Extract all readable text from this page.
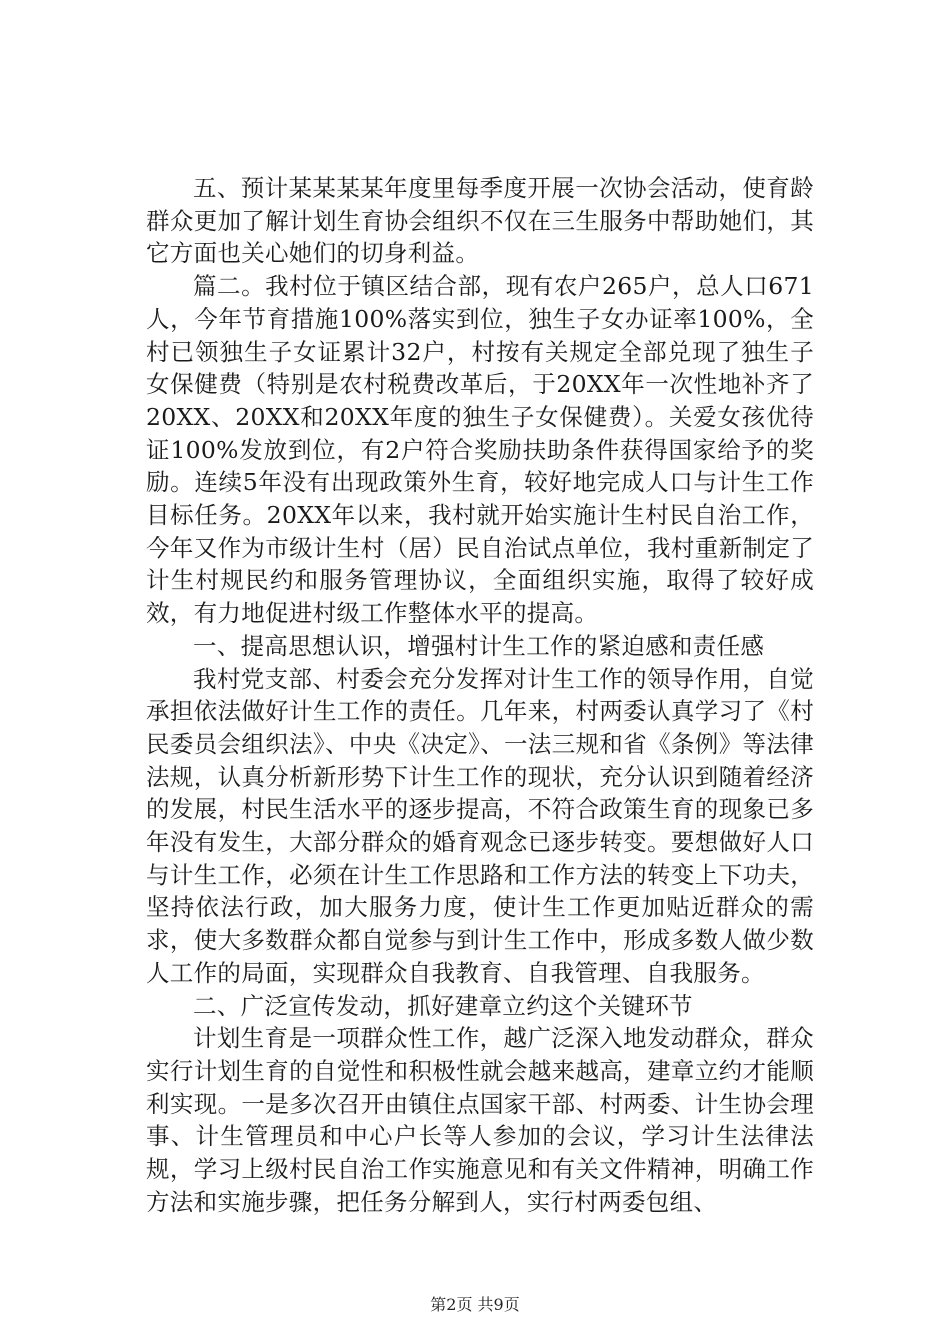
五、预计某某某某年度里每季度开展一次协会活动，使育龄群众更加了解计划生育协会组织不仅在三生服务中帮助她们，其它方面也关心她们的切身利益。

篇二。我村位于镇区结合部，现有农户265户，总人口671人，今年节育措施100%落实到位，独生子女办证率100%，全村已领独生子女证累计32户，村按有关规定全部兑现了独生子女保健费（特别是农村税费改革后，于20XX年一次性地补齐了20XX、20XX和20XX年度的独生子女保健费）。关爱女孩优待证100%发放到位，有2户符合奖励扶助条件获得国家给予的奖励。连续5年没有出现政策外生育，较好地完成人口与计生工作目标任务。20XX年以来，我村就开始实施计生村民自治工作，今年又作为市级计生村（居）民自治试点单位，我村重新制定了计生村规民约和服务管理协议，全面组织实施，取得了较好成效，有力地促进村级工作整体水平的提高。

一、提高思想认识，增强村计生工作的紧迫感和责任感

我村党支部、村委会充分发挥对计生工作的领导作用，自觉承担依法做好计生工作的责任。几年来，村两委认真学习了《村民委员会组织法》、中央《决定》、一法三规和省《条例》等法律法规，认真分析新形势下计生工作的现状，充分认识到随着经济的发展，村民生活水平的逐步提高，不符合政策生育的现象已多年没有发生，大部分群众的婚育观念已逐步转变。要想做好人口与计生工作，必须在计生工作思路和工作方法的转变上下功夫，坚持依法行政，加大服务力度，使计生工作更加贴近群众的需求，使大多数群众都自觉参与到计生工作中，形成多数人做少数人工作的局面，实现群众自我教育、自我管理、自我服务。

二、广泛宣传发动，抓好建章立约这个关键环节

计划生育是一项群众性工作，越广泛深入地发动群众，群众实行计划生育的自觉性和积极性就会越来越高，建章立约才能顺利实现。一是多次召开由镇住点国家干部、村两委、计生协会理事、计生管理员和中心户长等人参加的会议，学习计生法律法规，学习上级村民自治工作实施意见和有关文件精神，明确工作方法和实施步骤，把任务分解到人，实行村两委包组、

第2页 共9页
